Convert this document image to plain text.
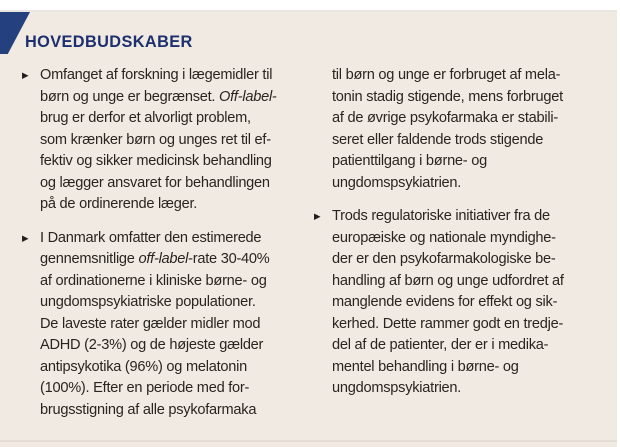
HOVEDBUDSKABER
▶ Omfanget af forskning i lægemidler til
børn og unge er begrænset. Off-label-
brug er derfor et alvorligt problem,
som krænker børn og unges ret til ef-
fektiv og sikker medicinsk behandling
og lægger ansvaret for behandlingen
på de ordinerende læger.
▶ I Danmark omfatter den estimerede
gennemsnitlige off-label-rate 30-40%
af ordinationerne i kliniske børne- og
ungdomspsykiatriske populationer.
De laveste rater gælder midler mod
ADHD (2-3%) og de højeste gælder
antipsykotika (96%) og melatonin
(100%). Efter en periode med for-
brugsstigning af alle psykofarmaka
til børn og unge er forbruget af mela-
tonin stadig stigende, mens forbruget
af de øvrige psykofarmaka er stabili-
seret eller faldende trods stigende
patienttilgang i børne- og
ungdomspsykiatrien.
▶ Trods regulatoriske initiativer fra de
europæiske og nationale myndighe-
der er den psykofarmakologiske be-
handling af børn og unge udfordret af
manglende evidens for effekt og sik-
kerhed. Dette rammer godt en tredje-
del af de patienter, der er i medika-
mentel behandling i børne- og
ungdomspsykiatrien.
